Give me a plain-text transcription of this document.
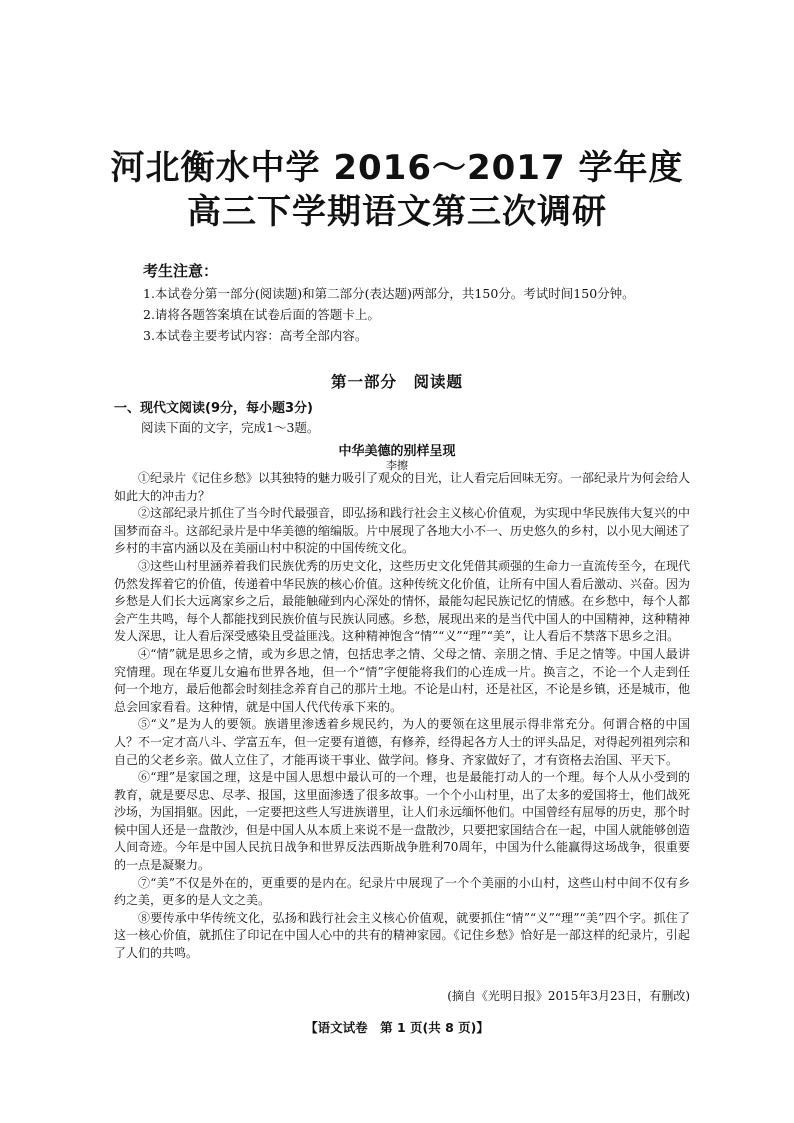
河北衡水中学 2016～2017 学年度
高三下学期语文第三次调研
考生注意：
1.本试卷分第一部分(阅读题)和第二部分(表达题)两部分，共150分。考试时间150分钟。
2.请将各题答案填在试卷后面的答题卡上。
3.本试卷主要考试内容：高考全部内容。
第一部分　阅读题
一、现代文阅读(9分，每小题3分)
阅读下面的文字，完成1～3题。
中华美德的别样呈现
李擦

①纪录片《记住乡愁》以其独特的魅力吸引了观众的目光，让人看完后回味无穷。一部纪录片为何会给人如此大的冲击力？

②这部纪录片抓住了当今时代最强音，即弘扬和践行社会主义核心价值观，为实现中华民族伟大复兴的中国梦而奋斗。这部纪录片是中华美德的缩编版。片中展现了各地大小不一、历史悠久的乡村，以小见大阐述了乡村的丰富内涵以及在美丽山村中积淀的中国传统文化。

③这些山村里涵养着我们民族优秀的历史文化，这些历史文化凭借其顽强的生命力一直流传至今，在现代仍然发挥着它的价值，传递着中华民族的核心价值。这种传统文化价值，让所有中国人看后激动、兴奋。因为乡愁是人们长大远离家乡之后，最能触碰到内心深处的情怀，最能勾起民族记忆的情感。在乡愁中，每个人都会产生共鸣，每个人都能找到民族价值与民族认同感。乡愁，展现出来的是当代中国人的中国精神，这种精神发人深思，让人看后深受感染且受益匪浅。这种精神饱含“情”“义”“理”“美”，让人看后不禁落下思乡之泪。

④“情”就是思乡之情，或为乡思之情，包括忠孝之情、父母之情、亲朋之情、手足之情等。中国人最讲究情理。现在华夏儿女遍布世界各地，但一个“情”字便能将我们的心连成一片。换言之，不论一个人走到任何一个地方，最后他都会时刻挂念养育自己的那片土地。不论是山村，还是社区，不论是乡镇，还是城市，他总会回家看看。这种情，就是中国人代代传承下来的。

⑤“义”是为人的要领。族谱里渗透着乡规民约，为人的要领在这里展示得非常充分。何谓合格的中国人？不一定才高八斗、学富五车，但一定要有道德，有修养，经得起各方人士的评头品足，对得起列祖列宗和自己的父老乡亲。做人立住了，才能再谈干事业、做学问。修身、齐家做好了，才有资格去治国、平天下。

⑥“理”是家国之理，这是中国人思想中最认可的一个理，也是最能打动人的一个理。每个人从小受到的教育，就是要尽忠、尽孝、报国，这里面渗透了很多故事。一个个小山村里，出了太多的爱国将士，他们战死沙场，为国捐躯。因此，一定要把这些人写进族谱里，让人们永远缅怀他们。中国曾经有屈辱的历史，那个时候中国人还是一盘散沙，但是中国人从本质上来说不是一盘散沙，只要把家国结合在一起，中国人就能够创造人间奇迹。今年是中国人民抗日战争和世界反法西斯战争胜利70周年，中国为什么能赢得这场战争，很重要的一点是凝聚力。

⑦“美”不仅是外在的，更重要的是内在。纪录片中展现了一个个美丽的小山村，这些山村中间不仅有乡约之美，更多的是人文之美。

⑧要传承中华传统文化，弘扬和践行社会主义核心价值观，就要抓住“情”“义”“理”“美”四个字。抓住了这一核心价值，就抓住了印记在中国人心中的共有的精神家园。《记住乡愁》恰好是一部这样的纪录片，引起了人们的共鸣。

(摘自《光明日报》2015年3月23日，有删改)
【语文试卷　第 1 页(共 8 页)】
